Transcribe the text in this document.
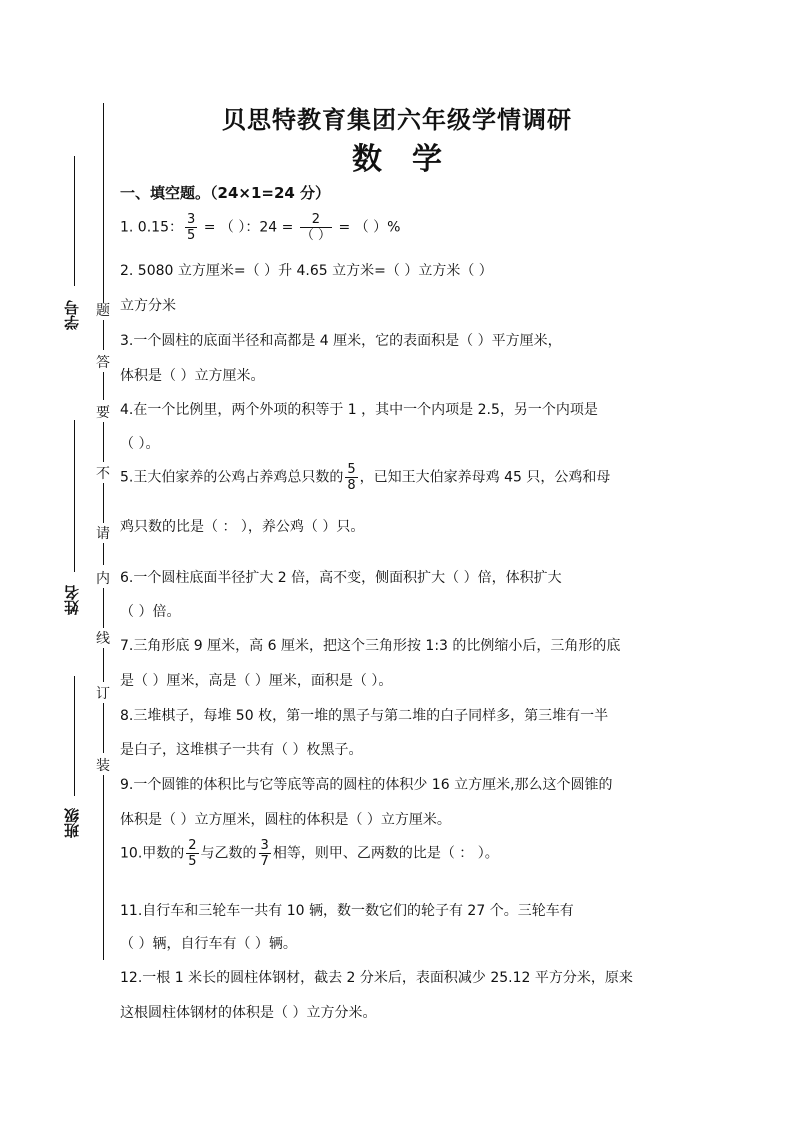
题
答
要
不
请
内
线
订
装
学号
姓名
班级
贝思特教育集团六年级学情调研
数学
一、填空题。（24×1=24 分）
1. 0.15： $\frac{3}{5}$ = （ ）：$24 = \frac{2}{( )}$ = （ ）%
2. 5080 立方厘米=（ ）升 4.65 立方米=（ ）立方米（ ）
立方分米
3.一个圆柱的底面半径和高都是 4 厘米，它的表面积是（ ）平方厘米，
体积是（ ）立方厘米。
4.在一个比例里，两个外项的积等于 1 ，其中一个内项是 2.5，另一个内项是
（ ）。
5.王大伯家养的公鸡占养鸡总只数的 $\frac{5}{8}$ ，已知王大伯家养母鸡 45 只，公鸡和母
鸡只数的比是（ ： ），养公鸡（ ）只。
6.一个圆柱底面半径扩大 2 倍，高不变，侧面积扩大（ ）倍，体积扩大
（ ）倍。
7.三角形底 9 厘米，高 6 厘米，把这个三角形按 1:3 的比例缩小后，三角形的底
是（ ）厘米，高是（ ）厘米，面积是（ ）。
8.三堆棋子，每堆 50 枚，第一堆的黑子与第二堆的白子同样多，第三堆有一半
是白子，这堆棋子一共有（ ）枚黑子。
9.一个圆锥的体积比与它等底等高的圆柱的体积少 16 立方厘米,那么这个圆锥的
体积是（ ）立方厘米，圆柱的体积是（ ）立方厘米。
10.甲数的 $\frac{2}{5}$ 与乙数的 $\frac{3}{7}$ 相等，则甲、乙两数的比是（ ： ）。
11.自行车和三轮车一共有 10 辆，数一数它们的轮子有 27 个。三轮车有
（ ）辆，自行车有（ ）辆。
12.一根 1 米长的圆柱体钢材，截去 2 分米后，表面积减少 25.12 平方分米，原来
这根圆柱体钢材的体积是（ ）立方分米。
